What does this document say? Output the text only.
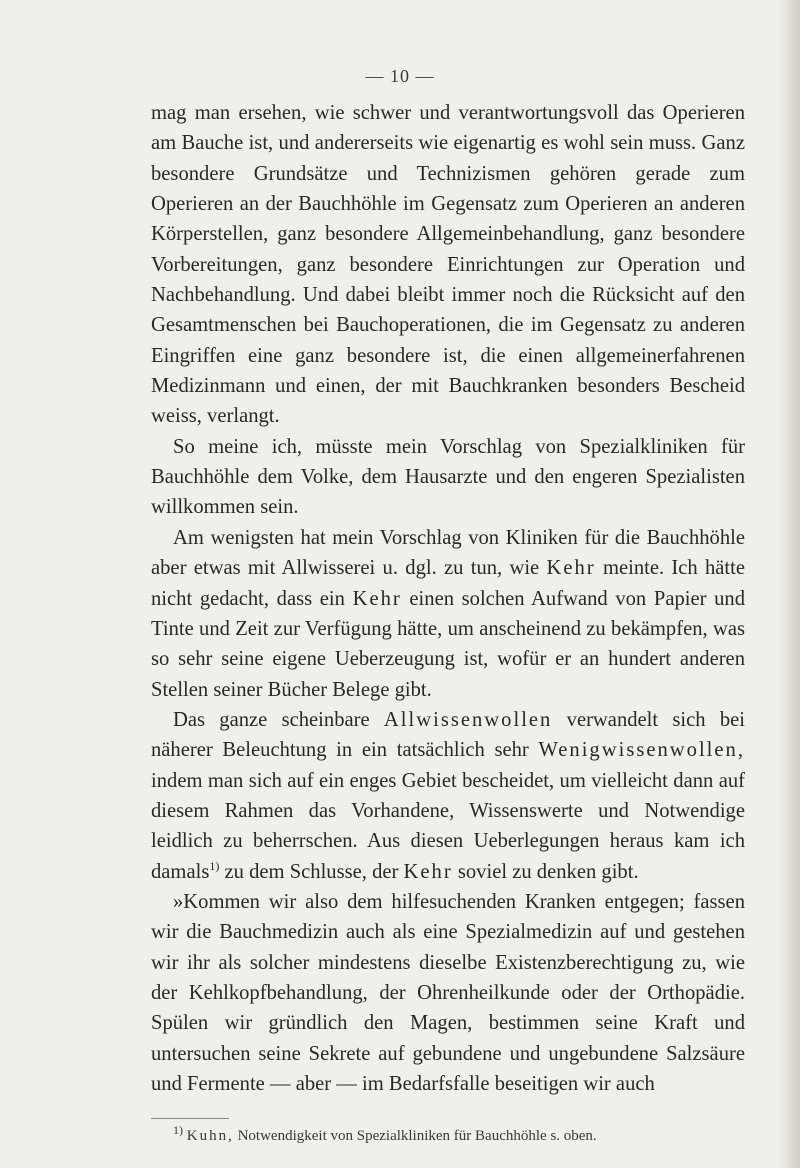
— 10 —

mag man ersehen, wie schwer und verantwortungsvoll das Operieren am Bauche ist, und andererseits wie eigenartig es wohl sein muss. Ganz besondere Grundsätze und Technizismen gehören gerade zum Operieren an der Bauchhöhle im Gegensatz zum Operieren an anderen Körperstellen, ganz besondere Allgemeinbehandlung, ganz besondere Vorbereitungen, ganz besondere Einrichtungen zur Operation und Nachbehandlung. Und dabei bleibt immer noch die Rücksicht auf den Gesamtmenschen bei Bauchoperationen, die im Gegensatz zu anderen Eingriffen eine ganz besondere ist, die einen allgemeinerfahrenen Medizinmann und einen, der mit Bauchkranken besonders Bescheid weiss, verlangt.

So meine ich, müsste mein Vorschlag von Spezialkliniken für Bauchhöhle dem Volke, dem Hausarzte und den engeren Spezialisten willkommen sein.

Am wenigsten hat mein Vorschlag von Kliniken für die Bauchhöhle aber etwas mit Allwisserei u. dgl. zu tun, wie Kehr meinte. Ich hätte nicht gedacht, dass ein Kehr einen solchen Aufwand von Papier und Tinte und Zeit zur Verfügung hätte, um anscheinend zu bekämpfen, was so sehr seine eigene Ueberzeugung ist, wofür er an hundert anderen Stellen seiner Bücher Belege gibt.

Das ganze scheinbare Allwissenwollen verwandelt sich bei näherer Beleuchtung in ein tatsächlich sehr Wenigwissenwollen, indem man sich auf ein enges Gebiet bescheidet, um vielleicht dann auf diesem Rahmen das Vorhandene, Wissenswerte und Notwendige leidlich zu beherrschen. Aus diesen Ueberlegungen heraus kam ich damals$^{1)}$ zu dem Schlusse, der Kehr soviel zu denken gibt.

»Kommen wir also dem hilfesuchenden Kranken entgegen; fassen wir die Bauchmedizin auch als eine Spezialmedizin auf und gestehen wir ihr als solcher mindestens dieselbe Existenzberechtigung zu, wie der Kehlkopfbehandlung, der Ohrenheilkunde oder der Orthopädie. Spülen wir gründlich den Magen, bestimmen seine Kraft und untersuchen seine Sekrete auf gebundene und ungebundene Salzsäure und Fermente — aber — im Bedarfsfalle beseitigen wir auch

$^{1)}$ Kuhn, Notwendigkeit von Spezialkliniken für Bauchhöhle s. oben.
